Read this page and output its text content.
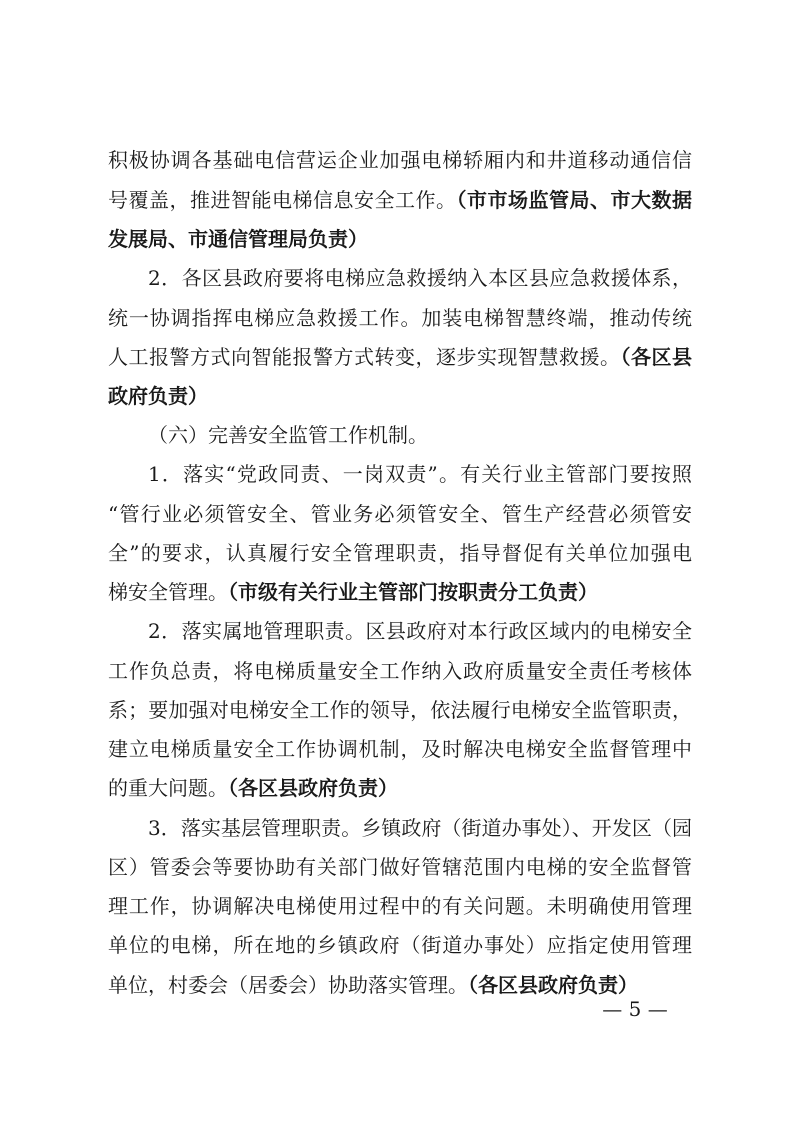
积极协调各基础电信营运企业加强电梯轿厢内和井道移动通信信
号覆盖，推进智能电梯信息安全工作。（市市场监管局、市大数据
发展局、市通信管理局负责）
2．各区县政府要将电梯应急救援纳入本区县应急救援体系，
统一协调指挥电梯应急救援工作。加装电梯智慧终端，推动传统
人工报警方式向智能报警方式转变，逐步实现智慧救援。（各区县
政府负责）
（六）完善安全监管工作机制。
1．落实“党政同责、一岗双责”。有关行业主管部门要按照
“管行业必须管安全、管业务必须管安全、管生产经营必须管安
全”的要求，认真履行安全管理职责，指导督促有关单位加强电
梯安全管理。（市级有关行业主管部门按职责分工负责）
2．落实属地管理职责。区县政府对本行政区域内的电梯安全
工作负总责，将电梯质量安全工作纳入政府质量安全责任考核体
系；要加强对电梯安全工作的领导，依法履行电梯安全监管职责，
建立电梯质量安全工作协调机制，及时解决电梯安全监督管理中
的重大问题。（各区县政府负责）
3．落实基层管理职责。乡镇政府（街道办事处）、开发区（园
区）管委会等要协助有关部门做好管辖范围内电梯的安全监督管
理工作，协调解决电梯使用过程中的有关问题。未明确使用管理
单位的电梯，所在地的乡镇政府（街道办事处）应指定使用管理
单位，村委会（居委会）协助落实管理。（各区县政府负责）
— 5 —
